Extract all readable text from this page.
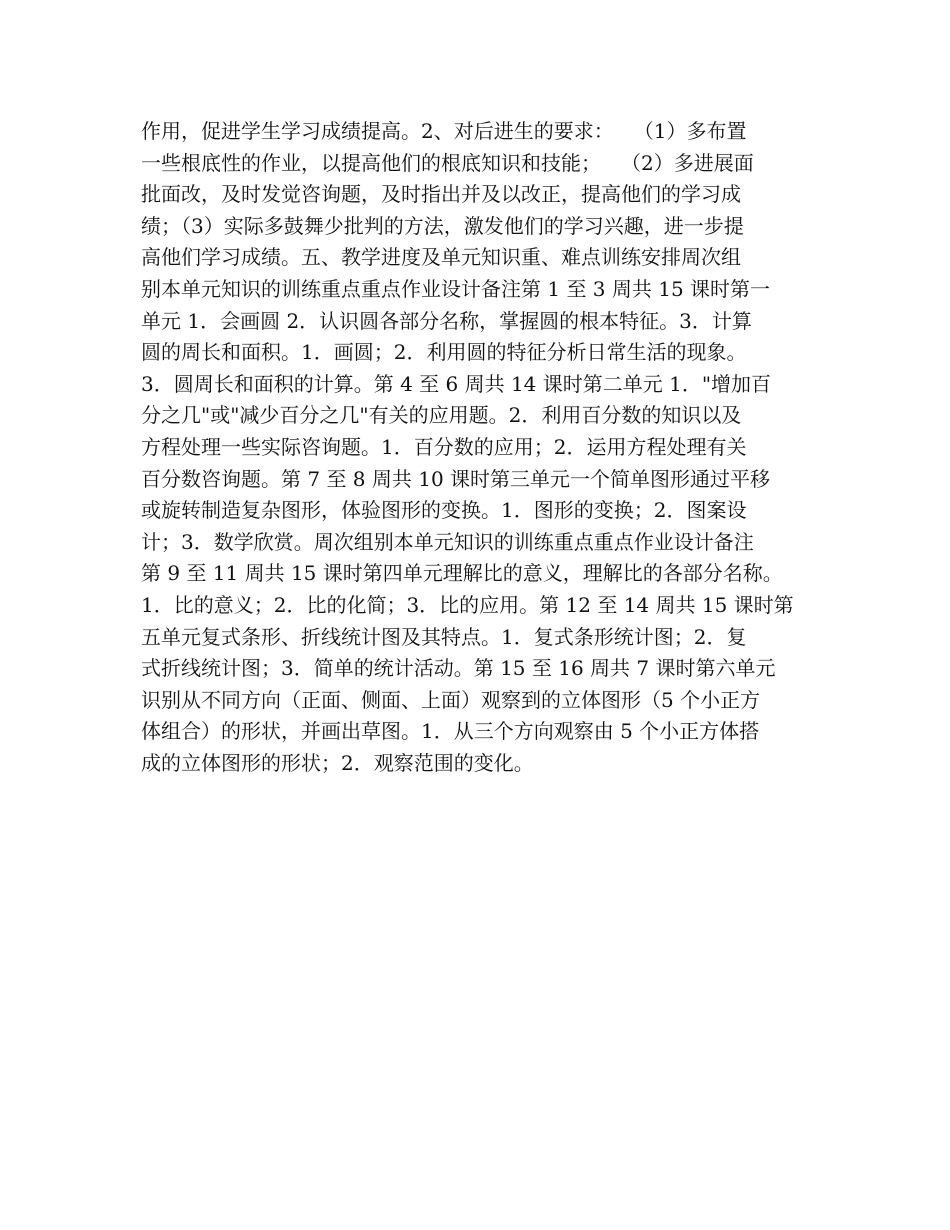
作用，促进学生学习成绩提高。2、对后进生的要求：　　（1）多布置
一些根底性的作业，以提高他们的根底知识和技能；　　（2）多进展面
批面改，及时发觉咨询题，及时指出并及以改正，提高他们的学习成
绩；（3）实际多鼓舞少批判的方法，激发他们的学习兴趣，进一步提
高他们学习成绩。五、教学进度及单元知识重、难点训练安排周次组
别本单元知识的训练重点重点作业设计备注第 1 至 3 周共 15 课时第一
单元 1．会画圆 2．认识圆各部分名称，掌握圆的根本特征。3．计算
圆的周长和面积。1．画圆；2．利用圆的特征分析日常生活的现象。
3．圆周长和面积的计算。第 4 至 6 周共 14 课时第二单元 1．"增加百
分之几"或"减少百分之几"有关的应用题。2．利用百分数的知识以及
方程处理一些实际咨询题。1．百分数的应用；2．运用方程处理有关
百分数咨询题。第 7 至 8 周共 10 课时第三单元一个简单图形通过平移
或旋转制造复杂图形，体验图形的变换。1．图形的变换；2．图案设
计；3．数学欣赏。周次组别本单元知识的训练重点重点作业设计备注
第 9 至 11 周共 15 课时第四单元理解比的意义，理解比的各部分名称。
1．比的意义；2．比的化简；3．比的应用。第 12 至 14 周共 15 课时第
五单元复式条形、折线统计图及其特点。1．复式条形统计图；2．复
式折线统计图；3．简单的统计活动。第 15 至 16 周共 7 课时第六单元
识别从不同方向（正面、侧面、上面）观察到的立体图形（5 个小正方
体组合）的形状，并画出草图。1．从三个方向观察由 5 个小正方体搭
成的立体图形的形状；2．观察范围的变化。
